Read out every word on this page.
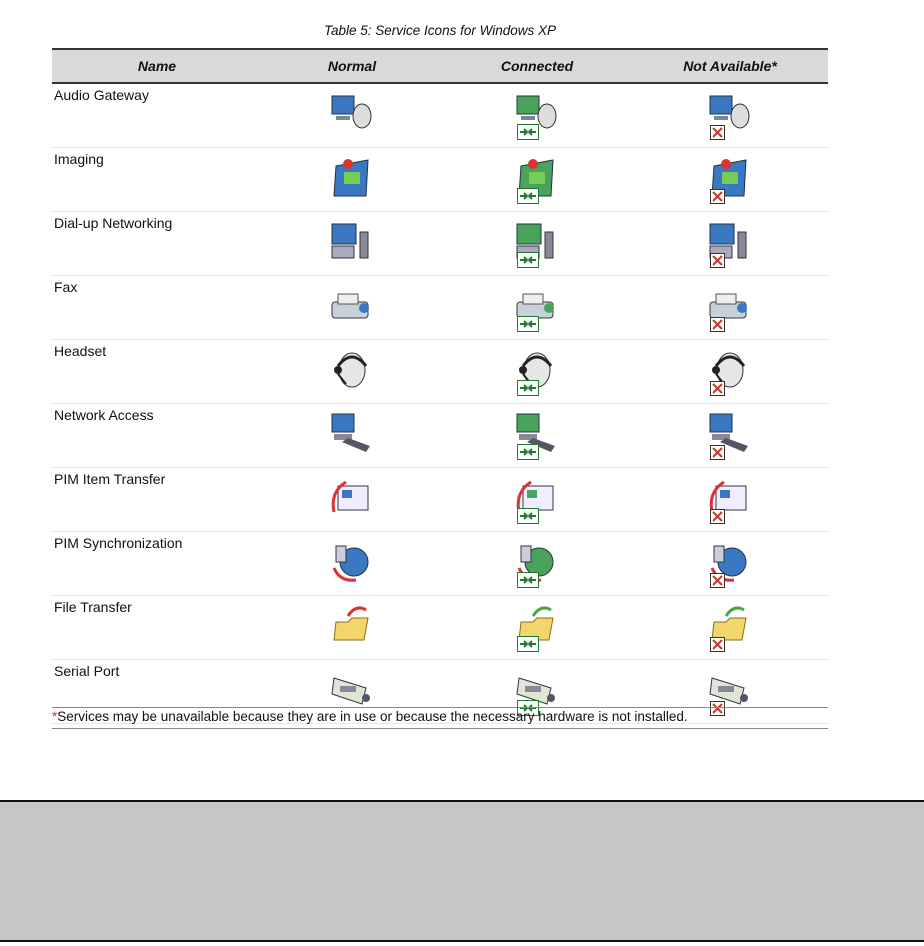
Table 5: Service Icons for Windows XP
Name	Normal	Connected	Not Available*
Audio Gateway
Imaging
Dial-up Networking
Fax
Headset
Network Access
PIM Item Transfer
PIM Synchronization
File Transfer
Serial Port
*Services may be unavailable because they are in use or because the necessary hardware is not installed.
